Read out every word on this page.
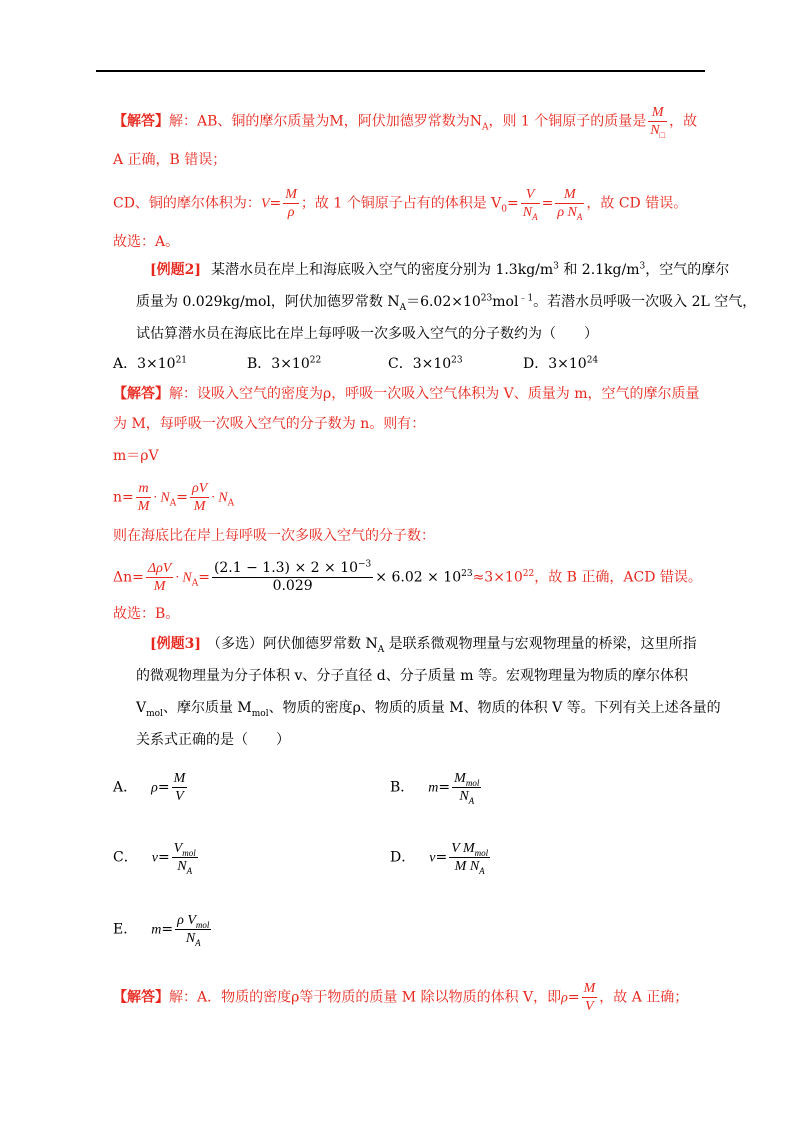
【解答】解：AB、铜的摩尔质量为M，阿伏加德罗常数为$N_A$，则 1 个铜原子的质量是 $\frac{M}{N_□}$ ，故
A 正确，B 错误；
CD、铜的摩尔体积为：$V= \frac{M}{\rho}$ ；故 1 个铜原子占有的体积是 $V_0= \frac{V}{N_A} = \frac{M}{\rho N_A}$ ，故 CD 错误。
故选：A。
[例题2] 某潜水员在岸上和海底吸入空气的密度分别为 $1.3kg/m^3$ 和 $2.1kg/m^3$，空气的摩尔
质量为 0.029kg/mol，阿伏加德罗常数 $N_A=6.02\times 10^{23}mol^{﹣1}$。若潜水员呼吸一次吸入 2L 空气，
试估算潜水员在海底比在岸上每呼吸一次多吸入空气的分子数约为（　　）
A．$3\times 10^{21}$	B．$3\times 10^{22}$	C．$3\times 10^{23}$	D．$3\times 10^{24}$
【解答】解：设吸入空气的密度为ρ，呼吸一次吸入空气体积为 V、质量为 m，空气的摩尔质量
为 M，每呼吸一次吸入空气的分子数为 n。则有：
m＝ρV
$n= \frac{m}{M} \cdot N_A= \frac{\rho V}{M} \cdot N_A$
则在海底比在岸上每呼吸一次多吸入空气的分子数：
$\Delta n= \frac{\text{ΔρV}}{M} \cdot N_A= \frac{(2.1 - 1.3) \times 2 \times 10^{-3}}{0.029} \times 6.02 \times 10^{23}\approx 3\times 10^{22}$，故 B 正确，ACD 错误。
故选：B。
[例题3] （多选）阿伏伽德罗常数 $N_A$ 是联系微观物理量与宏观物理量的桥梁，这里所指
的微观物理量为分子体积 v、分子直径 d、分子质量 m 等。宏观物理量为物质的摩尔体积
$V_{mol}$、摩尔质量 $M_{mol}$、物质的密度ρ、物质的质量 M、物质的体积 V 等。下列有关上述各量的
关系式正确的是（　　）
A． $\rho= \frac{M}{V}$	B． $m= \frac{M_{mol}}{N_A}$
C． $v= \frac{V_{mol}}{N_A}$	D． $v= \frac{V M_{mol}}{M N_A}$
E． $m= \frac{\rho V_{mol}}{N_A}$
【解答】解：A．物质的密度ρ等于物质的质量 M 除以物质的体积 V，即$\rho= \frac{M}{V}$ ，故 A 正确；
